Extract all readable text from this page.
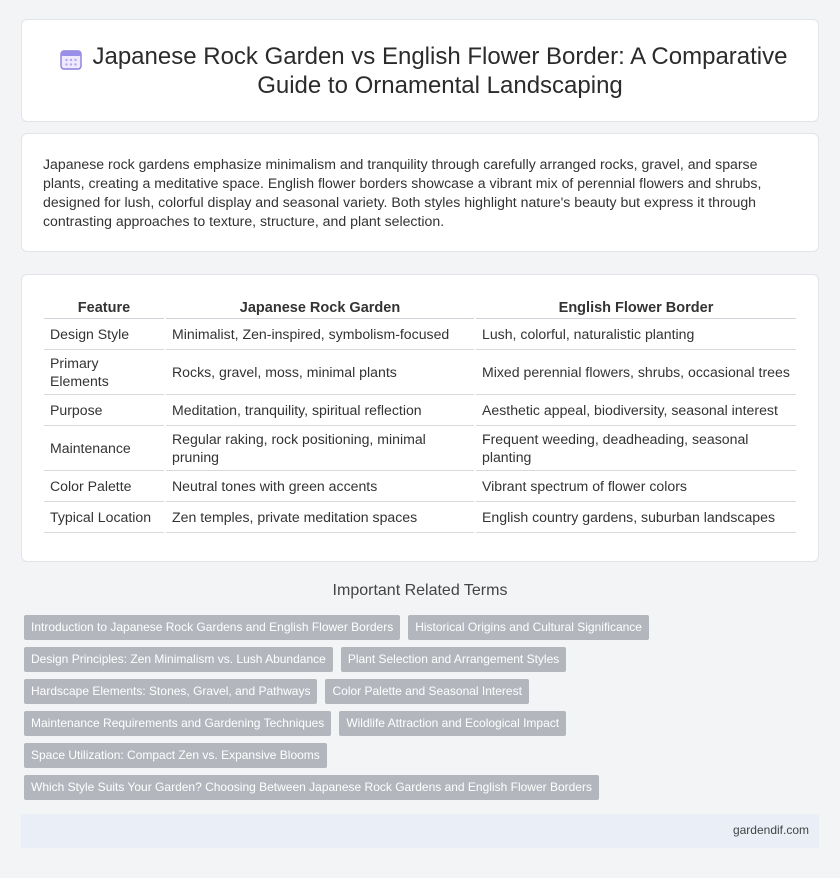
Japanese Rock Garden vs English Flower Border: A Comparative Guide to Ornamental Landscaping

Japanese rock gardens emphasize minimalism and tranquility through carefully arranged rocks, gravel, and sparse plants, creating a meditative space. English flower borders showcase a vibrant mix of perennial flowers and shrubs, designed for lush, colorful display and seasonal variety. Both styles highlight nature's beauty but express it through contrasting approaches to texture, structure, and plant selection.

Feature	Japanese Rock Garden	English Flower Border
Design Style	Minimalist, Zen-inspired, symbolism-focused	Lush, colorful, naturalistic planting
Primary Elements	Rocks, gravel, moss, minimal plants	Mixed perennial flowers, shrubs, occasional trees
Purpose	Meditation, tranquility, spiritual reflection	Aesthetic appeal, biodiversity, seasonal interest
Maintenance	Regular raking, rock positioning, minimal pruning	Frequent weeding, deadheading, seasonal planting
Color Palette	Neutral tones with green accents	Vibrant spectrum of flower colors
Typical Location	Zen temples, private meditation spaces	English country gardens, suburban landscapes
Important Related Terms
Introduction to Japanese Rock Gardens and English Flower Borders	Historical Origins and Cultural Significance
Design Principles: Zen Minimalism vs. Lush Abundance	Plant Selection and Arrangement Styles
Hardscape Elements: Stones, Gravel, and Pathways	Color Palette and Seasonal Interest
Maintenance Requirements and Gardening Techniques	Wildlife Attraction and Ecological Impact
Space Utilization: Compact Zen vs. Expansive Blooms
Which Style Suits Your Garden? Choosing Between Japanese Rock Gardens and English Flower Borders
gardendif.com
